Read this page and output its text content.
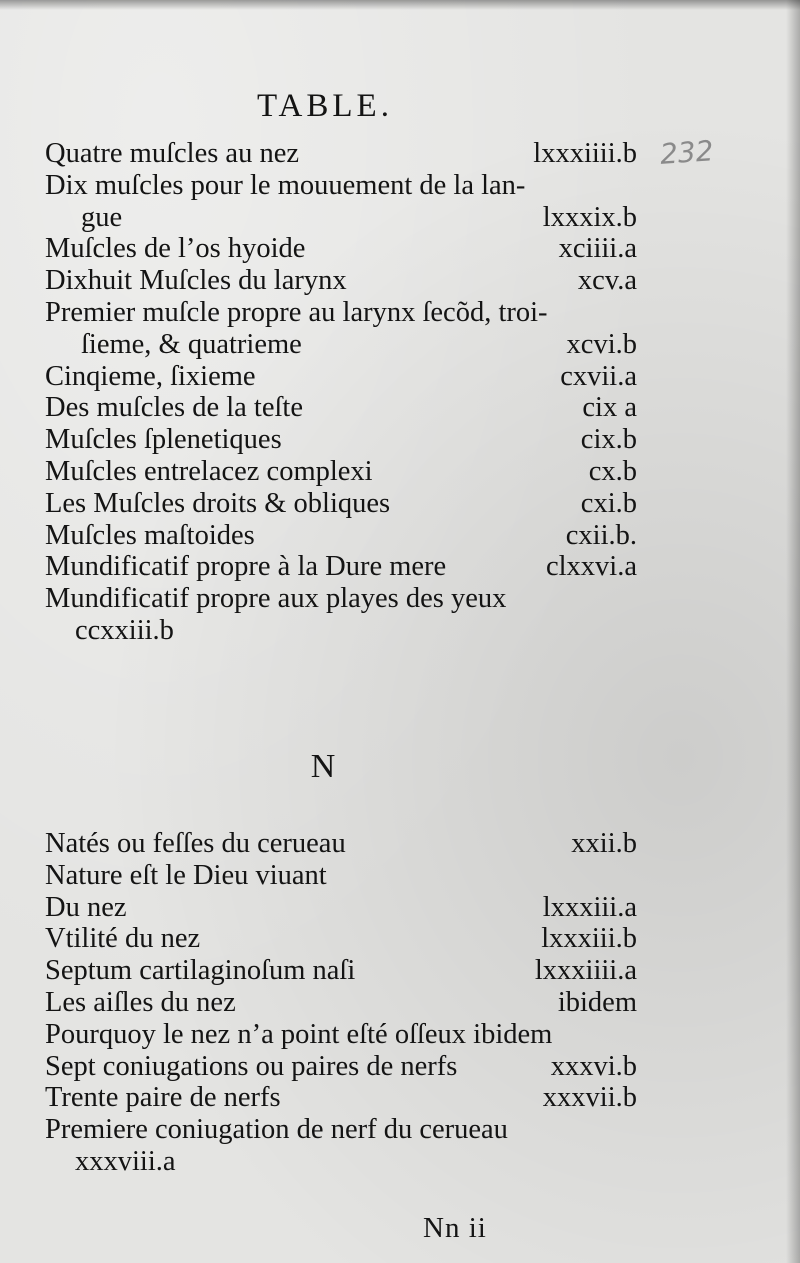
TABLE.
232
Quatre muſcles au nez	lxxxiiii.b
Dix muſcles pour le mouuement de la lan-
gue	lxxxix.b
Muſcles de l’os hyoide	xciiii.a
Dixhuit Muſcles du larynx	xcv.a
Premier muſcle propre au larynx ſecõd, troi-
ſieme, & quatrieme	xcvi.b
Cinqieme, ſixieme	cxvii.a
Des muſcles de la teſte	cix a
Muſcles ſplenetiques	cix.b
Muſcles entrelacez complexi	cx.b
Les Muſcles droits & obliques	cxi.b
Muſcles maſtoides	cxii.b.
Mundificatif propre à la Dure mere	clxxvi.a
Mundificatif propre aux playes des yeux
ccxxiii.b
N
Natés ou feſſes du cerueau	xxii.b
Nature eſt le Dieu viuant
Du nez	lxxxiii.a
Vtilité du nez	lxxxiii.b
Septum cartilaginoſum naſi	lxxxiiii.a
Les aiſles du nez	ibidem
Pourquoy le nez n’a point eſté oſſeux ibidem
Sept coniugations ou paires de nerfs	xxxvi.b
Trente paire de nerfs	xxxvii.b
Premiere coniugation de nerf du cerueau
xxxviii.a
Nn ii
